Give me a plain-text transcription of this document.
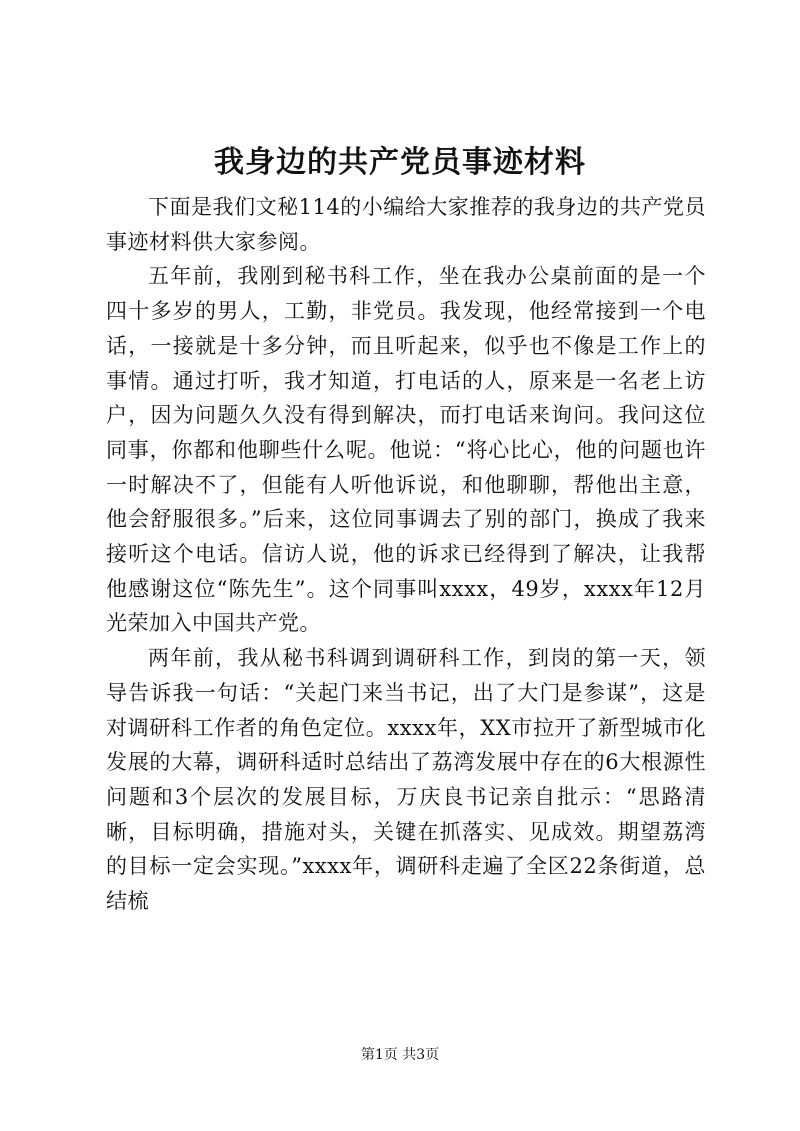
我身边的共产党员事迹材料

下面是我们文秘114的小编给大家推荐的我身边的共产党员事迹材料供大家参阅。

五年前，我刚到秘书科工作，坐在我办公桌前面的是一个四十多岁的男人，工勤，非党员。我发现，他经常接到一个电话，一接就是十多分钟，而且听起来，似乎也不像是工作上的事情。通过打听，我才知道，打电话的人，原来是一名老上访户，因为问题久久没有得到解决，而打电话来询问。我问这位同事，你都和他聊些什么呢。他说：“将心比心，他的问题也许一时解决不了，但能有人听他诉说，和他聊聊，帮他出主意，他会舒服很多。”后来，这位同事调去了别的部门，换成了我来接听这个电话。信访人说，他的诉求已经得到了解决，让我帮他感谢这位“陈先生”。这个同事叫xxxx，49岁，xxxx年12月光荣加入中国共产党。

两年前，我从秘书科调到调研科工作，到岗的第一天，领导告诉我一句话：“关起门来当书记，出了大门是参谋”，这是对调研科工作者的角色定位。xxxx年，XX市拉开了新型城市化发展的大幕，调研科适时总结出了荔湾发展中存在的6大根源性问题和3个层次的发展目标，万庆良书记亲自批示：“思路清晰，目标明确，措施对头，关键在抓落实、见成效。期望荔湾的目标一定会实现。”xxxx年，调研科走遍了全区22条街道，总结梳

第1页 共3页
